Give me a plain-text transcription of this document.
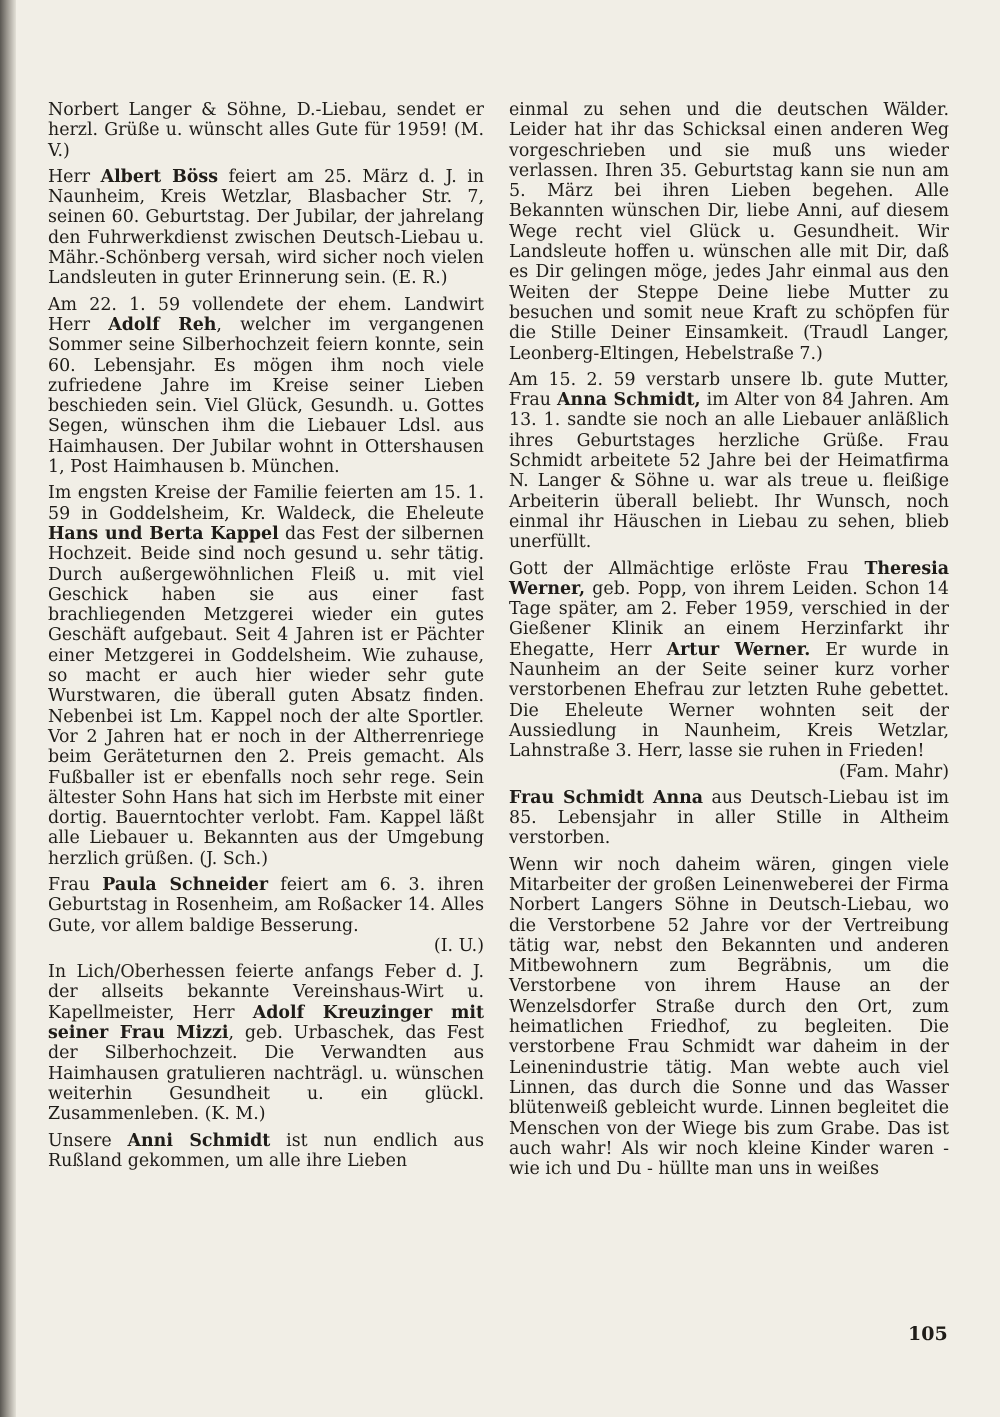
Norbert Langer & Söhne, D.-Liebau, sendet er herzl. Grüße u. wünscht alles Gute für 1959! (M. V.)

Herr Albert Böss feiert am 25. März d. J. in Naunheim, Kreis Wetzlar, Blasbacher Str. 7, seinen 60. Geburtstag. Der Jubilar, der jahrelang den Fuhrwerkdienst zwischen Deutsch-Liebau u. Mähr.-Schönberg versah, wird sicher noch vielen Landsleuten in guter Erinnerung sein. (E. R.)

Am 22. 1. 59 vollendete der ehem. Landwirt Herr Adolf Reh, welcher im vergangenen Sommer seine Silberhochzeit feiern konnte, sein 60. Lebensjahr. Es mögen ihm noch viele zufriedene Jahre im Kreise seiner Lieben beschieden sein. Viel Glück, Gesundh. u. Gottes Segen, wünschen ihm die Liebauer Ldsl. aus Haimhausen. Der Jubilar wohnt in Ottershausen 1, Post Haimhausen b. München.

Im engsten Kreise der Familie feierten am 15. 1. 59 in Goddelsheim, Kr. Waldeck, die Eheleute Hans und Berta Kappel das Fest der silbernen Hochzeit. Beide sind noch gesund u. sehr tätig. Durch außergewöhnlichen Fleiß u. mit viel Geschick haben sie aus einer fast brachliegenden Metzgerei wieder ein gutes Geschäft aufgebaut. Seit 4 Jahren ist er Pächter einer Metzgerei in Goddelsheim. Wie zuhause, so macht er auch hier wieder sehr gute Wurstwaren, die überall guten Absatz finden. Nebenbei ist Lm. Kappel noch der alte Sportler. Vor 2 Jahren hat er noch in der Altherrenriege beim Geräteturnen den 2. Preis gemacht. Als Fußballer ist er ebenfalls noch sehr rege. Sein ältester Sohn Hans hat sich im Herbste mit einer dortig. Bauerntochter verlobt. Fam. Kappel läßt alle Liebauer u. Bekannten aus der Umgebung herzlich grüßen. (J. Sch.)

Frau Paula Schneider feiert am 6. 3. ihren Geburtstag in Rosenheim, am Roßacker 14. Alles Gute, vor allem baldige Besserung.
(I. U.)

In Lich/Oberhessen feierte anfangs Feber d. J. der allseits bekannte Vereinshaus-Wirt u. Kapellmeister, Herr Adolf Kreuzinger mit seiner Frau Mizzi, geb. Urbaschek, das Fest der Silberhochzeit. Die Verwandten aus Haimhausen gratulieren nachträgl. u. wünschen weiterhin Gesundheit u. ein glückl. Zusammenleben. (K. M.)

Unsere Anni Schmidt ist nun endlich aus Rußland gekommen, um alle ihre Lieben

einmal zu sehen und die deutschen Wälder. Leider hat ihr das Schicksal einen anderen Weg vorgeschrieben und sie muß uns wieder verlassen. Ihren 35. Geburtstag kann sie nun am 5. März bei ihren Lieben begehen. Alle Bekannten wünschen Dir, liebe Anni, auf diesem Wege recht viel Glück u. Gesundheit. Wir Landsleute hoffen u. wünschen alle mit Dir, daß es Dir gelingen möge, jedes Jahr einmal aus den Weiten der Steppe Deine liebe Mutter zu besuchen und somit neue Kraft zu schöpfen für die Stille Deiner Einsamkeit. (Traudl Langer, Leonberg-Eltingen, Hebelstraße 7.)

Am 15. 2. 59 verstarb unsere lb. gute Mutter, Frau Anna Schmidt, im Alter von 84 Jahren. Am 13. 1. sandte sie noch an alle Liebauer anläßlich ihres Geburtstages herzliche Grüße. Frau Schmidt arbeitete 52 Jahre bei der Heimatfirma N. Langer & Söhne u. war als treue u. fleißige Arbeiterin überall beliebt. Ihr Wunsch, noch einmal ihr Häuschen in Liebau zu sehen, blieb unerfüllt.

Gott der Allmächtige erlöste Frau Theresia Werner, geb. Popp, von ihrem Leiden. Schon 14 Tage später, am 2. Feber 1959, verschied in der Gießener Klinik an einem Herzinfarkt ihr Ehegatte, Herr Artur Werner. Er wurde in Naunheim an der Seite seiner kurz vorher verstorbenen Ehefrau zur letzten Ruhe gebettet. Die Eheleute Werner wohnten seit der Aussiedlung in Naunheim, Kreis Wetzlar, Lahnstraße 3. Herr, lasse sie ruhen in Frieden!
(Fam. Mahr)

Frau Schmidt Anna aus Deutsch-Liebau ist im 85. Lebensjahr in aller Stille in Altheim verstorben.

Wenn wir noch daheim wären, gingen viele Mitarbeiter der großen Leinenweberei der Firma Norbert Langers Söhne in Deutsch-Liebau, wo die Verstorbene 52 Jahre vor der Vertreibung tätig war, nebst den Bekannten und anderen Mitbewohnern zum Begräbnis, um die Verstorbene von ihrem Hause an der Wenzelsdorfer Straße durch den Ort, zum heimatlichen Friedhof, zu begleiten. Die verstorbene Frau Schmidt war daheim in der Leinenindustrie tätig. Man webte auch viel Linnen, das durch die Sonne und das Wasser blütenweiß gebleicht wurde. Linnen begleitet die Menschen von der Wiege bis zum Grabe. Das ist auch wahr! Als wir noch kleine Kinder waren - wie ich und Du - hüllte man uns in weißes

105
